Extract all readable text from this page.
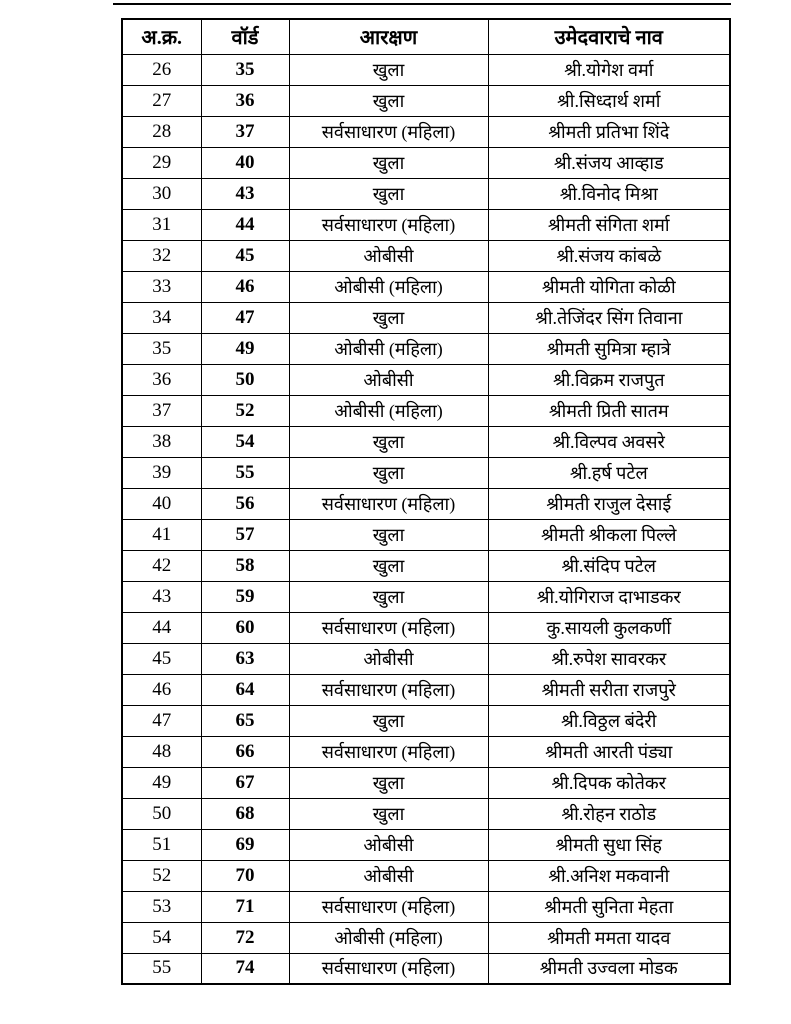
अ.क्र.	वॉर्ड	आरक्षण	उमेदवाराचे नाव
26	35	खुला	श्री.योगेश वर्मा
27	36	खुला	श्री.सिध्दार्थ शर्मा
28	37	सर्वसाधारण (महिला)	श्रीमती प्रतिभा शिंदे
29	40	खुला	श्री.संजय आव्हाड
30	43	खुला	श्री.विनोद मिश्रा
31	44	सर्वसाधारण (महिला)	श्रीमती संगिता शर्मा
32	45	ओबीसी	श्री.संजय कांबळे
33	46	ओबीसी (महिला)	श्रीमती योगिता कोळी
34	47	खुला	श्री.तेजिंदर सिंग तिवाना
35	49	ओबीसी (महिला)	श्रीमती सुमित्रा म्हात्रे
36	50	ओबीसी	श्री.विक्रम राजपुत
37	52	ओबीसी (महिला)	श्रीमती प्रिती सातम
38	54	खुला	श्री.विल्पव अवसरे
39	55	खुला	श्री.हर्ष पटेल
40	56	सर्वसाधारण (महिला)	श्रीमती राजुल देसाई
41	57	खुला	श्रीमती श्रीकला पिल्ले
42	58	खुला	श्री.संदिप पटेल
43	59	खुला	श्री.योगिराज दाभाडकर
44	60	सर्वसाधारण (महिला)	कु.सायली कुलकर्णी
45	63	ओबीसी	श्री.रुपेश सावरकर
46	64	सर्वसाधारण (महिला)	श्रीमती सरीता राजपुरे
47	65	खुला	श्री.विठ्ठल बंदेरी
48	66	सर्वसाधारण (महिला)	श्रीमती आरती पंड्या
49	67	खुला	श्री.दिपक कोतेकर
50	68	खुला	श्री.रोहन राठोड
51	69	ओबीसी	श्रीमती सुधा सिंह
52	70	ओबीसी	श्री.अनिश मकवानी
53	71	सर्वसाधारण (महिला)	श्रीमती सुनिता मेहता
54	72	ओबीसी (महिला)	श्रीमती ममता यादव
55	74	सर्वसाधारण (महिला)	श्रीमती उज्वला मोडक
